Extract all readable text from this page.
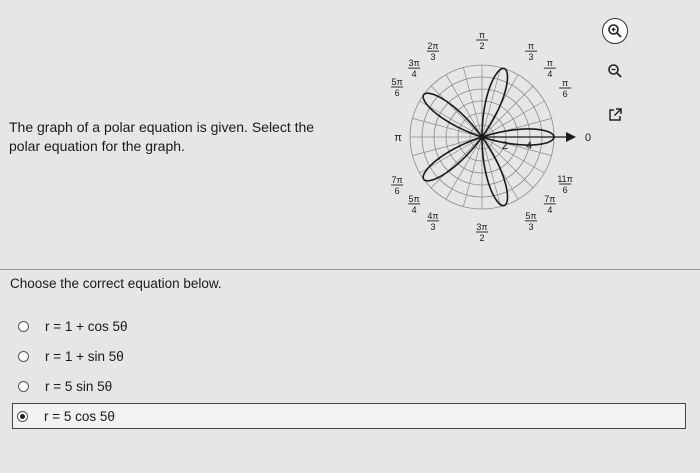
The graph of a polar equation is given. Select the polar equation for the graph.	2 4
0
π
6
π
4
π
3
π
2
2π
3
3π
4
5π
6
π
7π
6
5π
4
4π
3	3π
2
5π
3
7π
4
11π
6
Choose the correct equation below.
r = 1 + cos 5θ
r = 1 + sin 5θ
r = 5 sin 5θ
r = 5 cos 5θ
